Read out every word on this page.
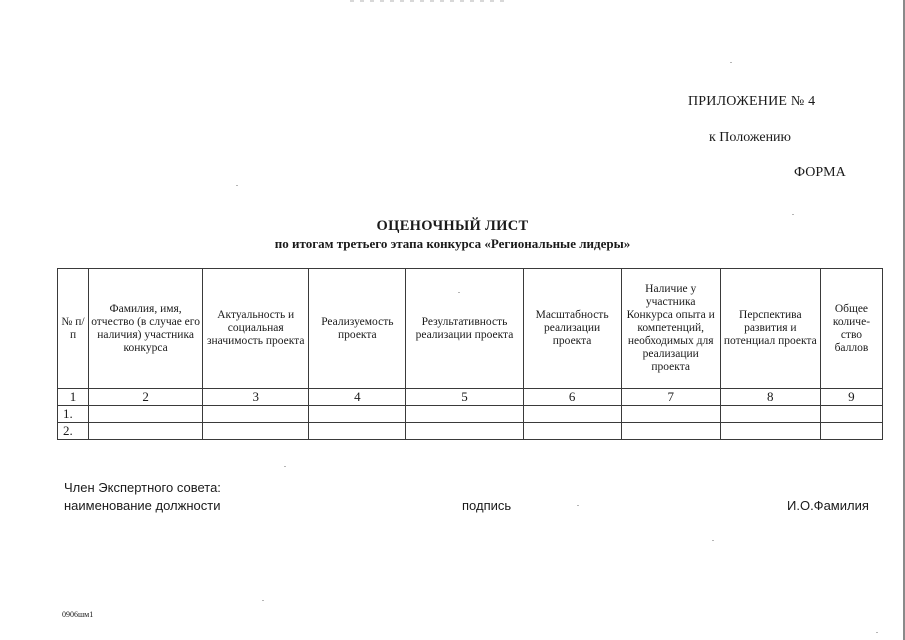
ПРИЛОЖЕНИЕ № 4
к Положению
ФОРМА
ОЦЕНОЧНЫЙ ЛИСТ
по итогам третьего этапа конкурса «Региональные лидеры»
№ п/п	Фамилия, имя, отчество (в случае его наличия) участника конкурса	Актуальность и социальная значимость проекта	Реализуемость проекта	Результативность реализации проекта	Масштабность реализации проекта	Наличие у участника Конкурса опыта и компетенций, необходимых для реализации проекта	Перспектива развития и потенциал проекта	Общее количе-ство баллов
1	2	3	4	5	6	7	8	9
1.								
2.								
Член Экспертного совета:
наименование должности	подпись	И.О.Фамилия
0906шм1
